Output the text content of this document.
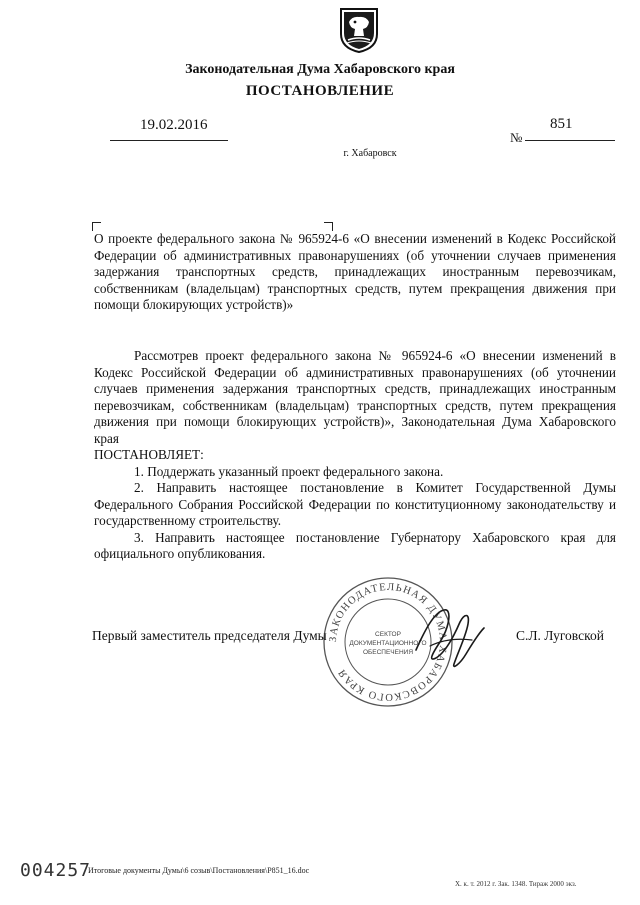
Законодательная Дума Хабаровского края
ПОСТАНОВЛЕНИЕ
19.02.2016
№
851
г. Хабаровск
О проекте федерального закона № 965924-6 «О внесении изменений в Кодекс Российской Федерации об административных правонарушениях (об уточнении случаев применения задержания транспортных средств, принадлежащих иностранным перевозчикам, собственникам (владельцам) транспортных средств, путем прекращения движения при помощи блокирующих устройств)»

Рассмотрев проект федерального закона № 965924-6 «О внесении изменений в Кодекс Российской Федерации об административных правонарушениях (об уточнении случаев применения задержания транспортных средств, принадлежащих иностранным перевозчикам, собственникам (владельцам) транспортных средств, путем прекращения движения при помощи блокирующих устройств)», Законодательная Дума Хабаровского края

ПОСТАНОВЛЯЕТ:

1. Поддержать указанный проект федерального закона.

2. Направить настоящее постановление в Комитет Государственной Думы Федерального Собрания Российской Федерации по конституционному законодательству и государственному строительству.

3. Направить настоящее постановление Губернатору Хабаровского края для официального опубликования.

ЗАКОНОДАТЕЛЬНАЯ ДУМА ХАБАРОВСКОГО КРАЯ
СЕКТОР
ДОКУМЕНТАЦИОННОГО
ОБЕСПЕЧЕНИЯ
Первый заместитель председателя Думы	С.Л. Луговской
004257
Итоговые документы Думы\6 созыв\Постановления\P851_16.doc
Х. к. т. 2012 г. Зак. 1348. Тираж 2000 экз.
